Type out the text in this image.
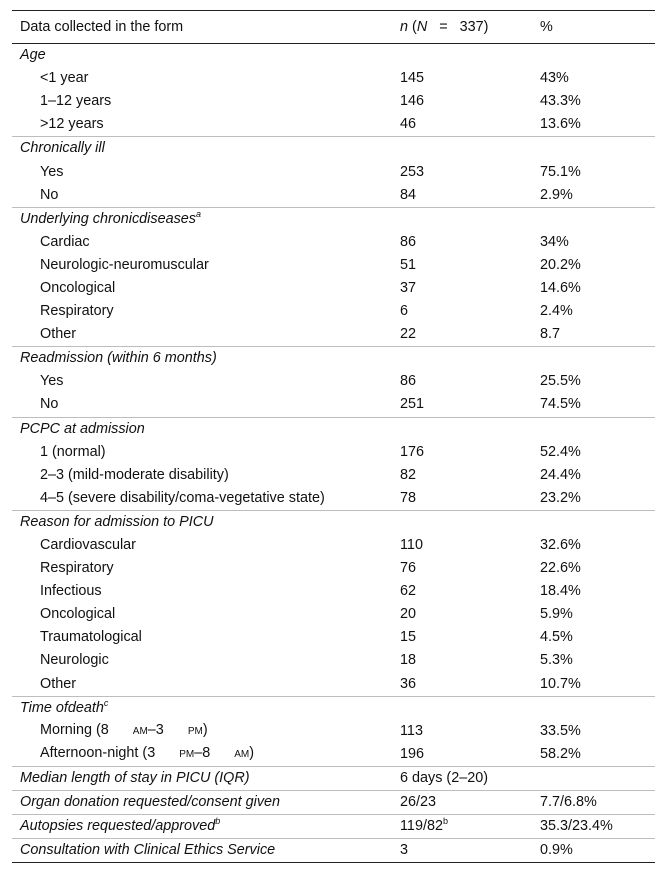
Data collected in the form	n (N = 337)	%
Age		
<1 year	145	43%
1–12 years	146	43.3%
>12 years	46	13.6%
Chronically ill		
Yes	253	75.1%
No	84	2.9%
Underlying chronicdiseases$^a$		
Cardiac	86	34%
Neurologic-neuromuscular	51	20.2%
Oncological	37	14.6%
Respiratory	6	2.4%
Other	22	8.7
Readmission (within 6 months)		
Yes	86	25.5%
No	251	74.5%
PCPC at admission		
1 (normal)	176	52.4%
2–3 (mild-moderate disability)	82	24.4%
4–5 (severe disability/coma-vegetative state)	78	23.2%
Reason for admission to PICU		
Cardiovascular	110	32.6%
Respiratory	76	22.6%
Infectious	62	18.4%
Oncological	20	5.9%
Traumatological	15	4.5%
Neurologic	18	5.3%
Other	36	10.7%
Time ofdeath$^c$		
Morning (8 AM–3 PM)	113	33.5%
Afternoon-night (3 PM–8 AM)	196	58.2%
Median length of stay in PICU (IQR)	6 days (2–20)	
Organ donation requested/consent given	26/23	7.7/6.8%
Autopsies requested/approved$^b$	119/82$^b$	35.3/23.4%
Consultation with Clinical Ethics Service	3	0.9%
